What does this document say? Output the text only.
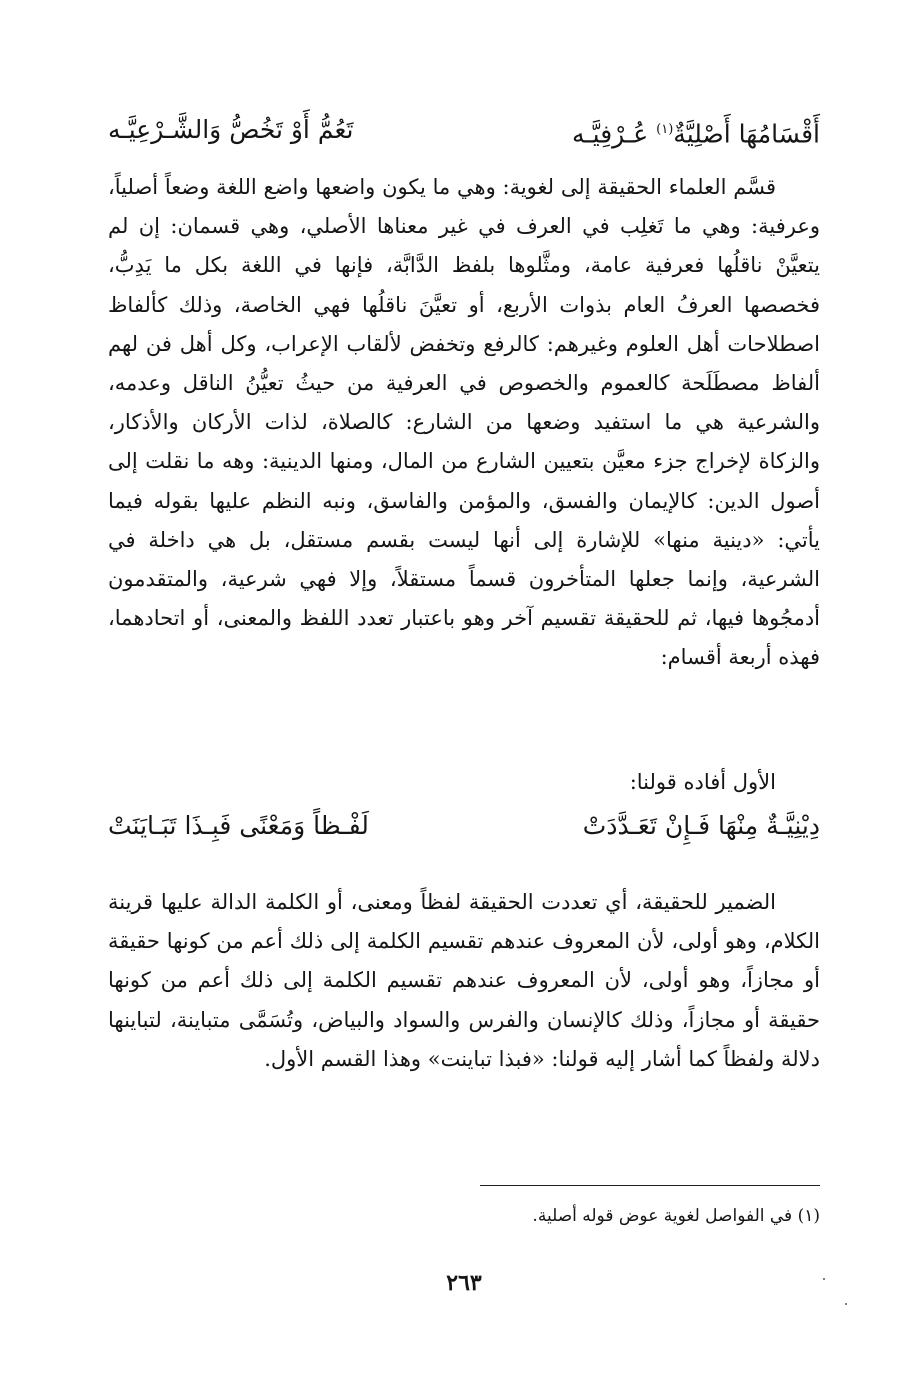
أَقْسَامُهَا أَصْلِيَّةٌ$^{(١)}$ عُـرْفِيَّـه
تَعُمُّ أَوْ تَخُصُّ وَالشَّـرْعِيَّـه

قسَّم العلماء الحقيقة إلى لغوية: وهي ما يكون واضعها واضع اللغة وضعاً أصلياً، وعرفية: وهي ما تَغلِب في العرف في غير معناها الأصلي، وهي قسمان: إن لم يتعيَّنْ ناقلُها فعرفية عامة، ومثَّلوها بلفظ الدَّابَّة، فإنها في اللغة بكل ما يَدِبُّ، فخصصها العرفُ العام بذوات الأربع، أو تعيَّنَ ناقلُها فهي الخاصة، وذلك كألفاظ اصطلاحات أهل العلوم وغيرهم: كالرفع وتخفض لألقاب الإعراب، وكل أهل فن لهم ألفاظ مصطَلَحة كالعموم والخصوص في العرفية من حيثُ تعيُّنُ الناقل وعدمه، والشرعية هي ما استفيد وضعها من الشارع: كالصلاة، لذات الأركان والأذكار، والزكاة لإخراج جزء معيَّن بتعيين الشارع من المال، ومنها الدينية: وهه ما نقلت إلى أصول الدين: كالإيمان والفسق، والمؤمن والفاسق، ونبه النظم عليها بقوله فيما يأتي: «دينية منها» للإشارة إلى أنها ليست بقسم مستقل، بل هي داخلة في الشرعية، وإنما جعلها المتأخرون قسماً مستقلاً، وإلا فهي شرعية، والمتقدمون أدمجُوها فيها، ثم للحقيقة تقسيم آخر وهو باعتبار تعدد اللفظ والمعنى، أو اتحادهما، فهذه أربعة أقسام:

الأول أفاده قولنا:

دِيْنِيَّـةٌ مِنْهَا فَـإِنْ تَعَـدَّدَتْ
لَفْـظاً وَمَعْنًى فَبِـذَا تَبَـايَنَتْ

الضمير للحقيقة، أي تعددت الحقيقة لفظاً ومعنى، أو الكلمة الدالة عليها قرينة الكلام، وهو أولى، لأن المعروف عندهم تقسيم الكلمة إلى ذلك أعم من كونها حقيقة أو مجازاً، وهو أولى، لأن المعروف عندهم تقسيم الكلمة إلى ذلك أعم من كونها حقيقة أو مجازاً، وذلك كالإنسان والفرس والسواد والبياض، وتُسَمَّى متباينة، لتباينها دلالة ولفظاً كما أشار إليه قولنا: «فبذا تباينت» وهذا القسم الأول.

(١) في الفواصل لغوية عوض قوله أصلية.

٢٦٣
